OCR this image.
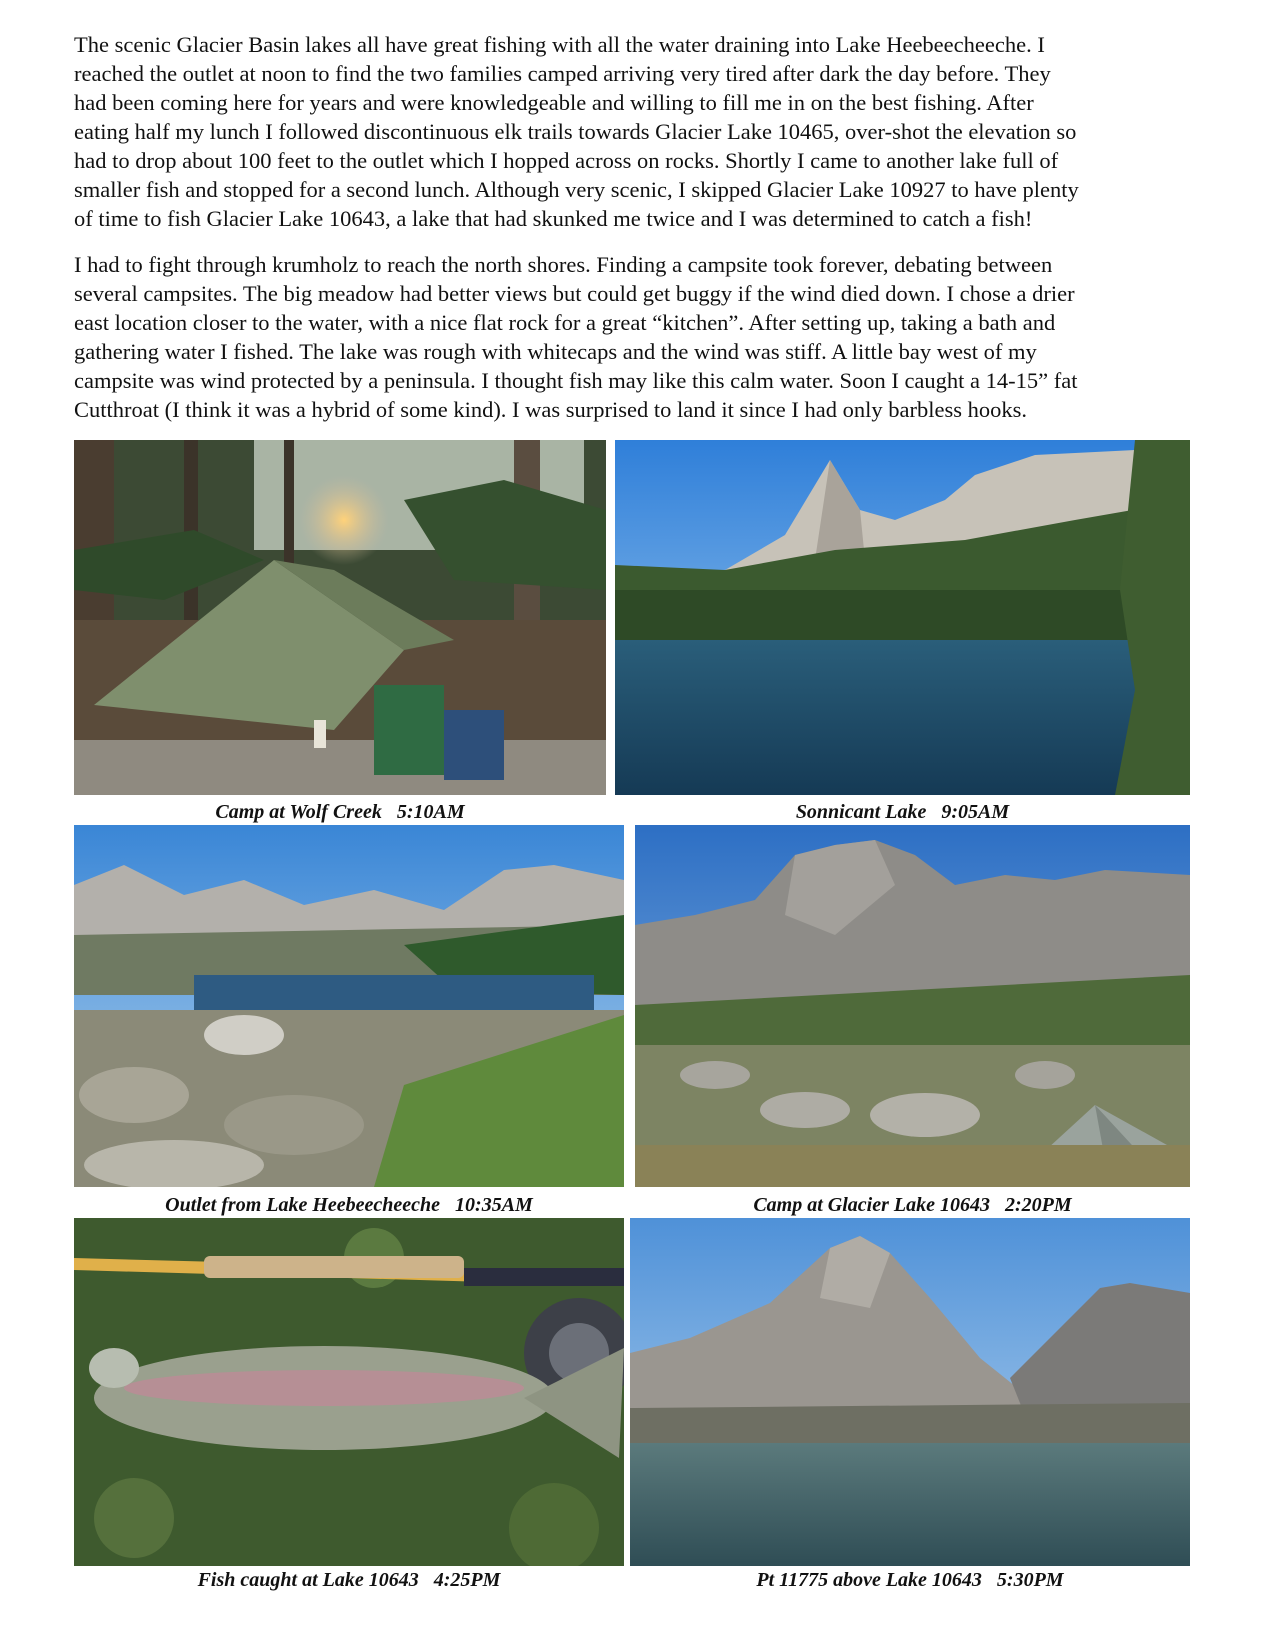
The scenic Glacier Basin lakes all have great fishing with all the water draining into Lake Heebeecheeche. I
reached the outlet at noon to find the two families camped arriving very tired after dark the day before. They
had been coming here for years and were knowledgeable and willing to fill me in on the best fishing. After
eating half my lunch I followed discontinuous elk trails towards Glacier Lake 10465, over-shot the elevation so
had to drop about 100 feet to the outlet which I hopped across on rocks. Shortly I came to another lake full of
smaller fish and stopped for a second lunch. Although very scenic, I skipped Glacier Lake 10927 to have plenty
of time to fish Glacier Lake 10643, a lake that had skunked me twice and I was determined to catch a fish!

I had to fight through krumholz to reach the north shores. Finding a campsite took forever, debating between
several campsites. The big meadow had better views but could get buggy if the wind died down. I chose a drier
east location closer to the water, with a nice flat rock for a great “kitchen”. After setting up, taking a bath and
gathering water I fished. The lake was rough with whitecaps and the wind was stiff. A little bay west of my
campsite was wind protected by a peninsula. I thought fish may like this calm water. Soon I caught a 14-15” fat
Cutthroat (I think it was a hybrid of some kind). I was surprised to land it since I had only barbless hooks.

Camp at Wolf Creek   5:10AM	Sonnicant Lake   9:05AM
Outlet from Lake Heebeecheeche   10:35AM	Camp at Glacier Lake 10643   2:20PM
Fish caught at Lake 10643   4:25PM	Pt 11775 above Lake 10643   5:30PM
